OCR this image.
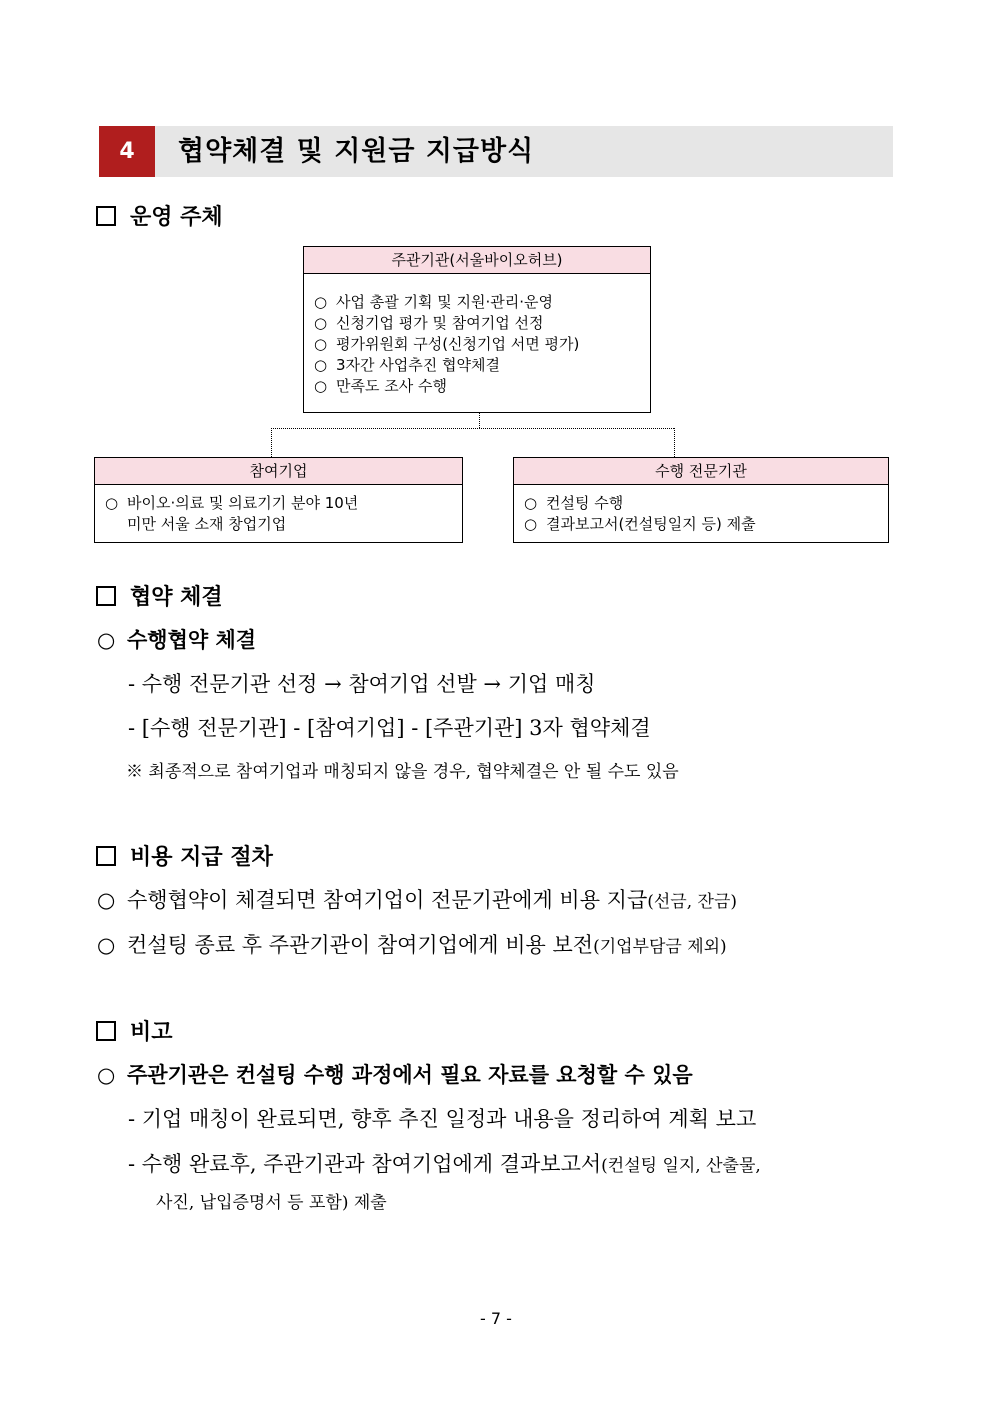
4	협약체결 및 지원금 지급방식
운영 주체
주관기관(서울바이오허브)
○ 사업 총괄 기획 및 지원·관리·운영
○ 신청기업 평가 및 참여기업 선정
○ 평가위원회 구성(신청기업 서면 평가)
○ 3자간 사업추진 협약체결
○ 만족도 조사 수행
참여기업
○ 바이오·의료 및 의료기기 분야 10년
미만 서울 소재 창업기업
수행 전문기관
○ 컨설팅 수행
○ 결과보고서(컨설팅일지 등) 제출
협약 체결
○ 수행협약 체결
- 수행 전문기관 선정 → 참여기업 선발 → 기업 매칭
- [수행 전문기관] - [참여기업] - [주관기관] 3자 협약체결
※ 최종적으로 참여기업과 매칭되지 않을 경우, 협약체결은 안 될 수도 있음
비용 지급 절차
○ 수행협약이 체결되면 참여기업이 전문기관에게 비용 지급(선금, 잔금)
○ 컨설팅 종료 후 주관기관이 참여기업에게 비용 보전(기업부담금 제외)
비고
○ 주관기관은 컨설팅 수행 과정에서 필요 자료를 요청할 수 있음
- 기업 매칭이 완료되면, 향후 추진 일정과 내용을 정리하여 계획 보고
- 수행 완료후, 주관기관과 참여기업에게 결과보고서(컨설팅 일지, 산출물,
사진, 납입증명서 등 포함) 제출
- 7 -
